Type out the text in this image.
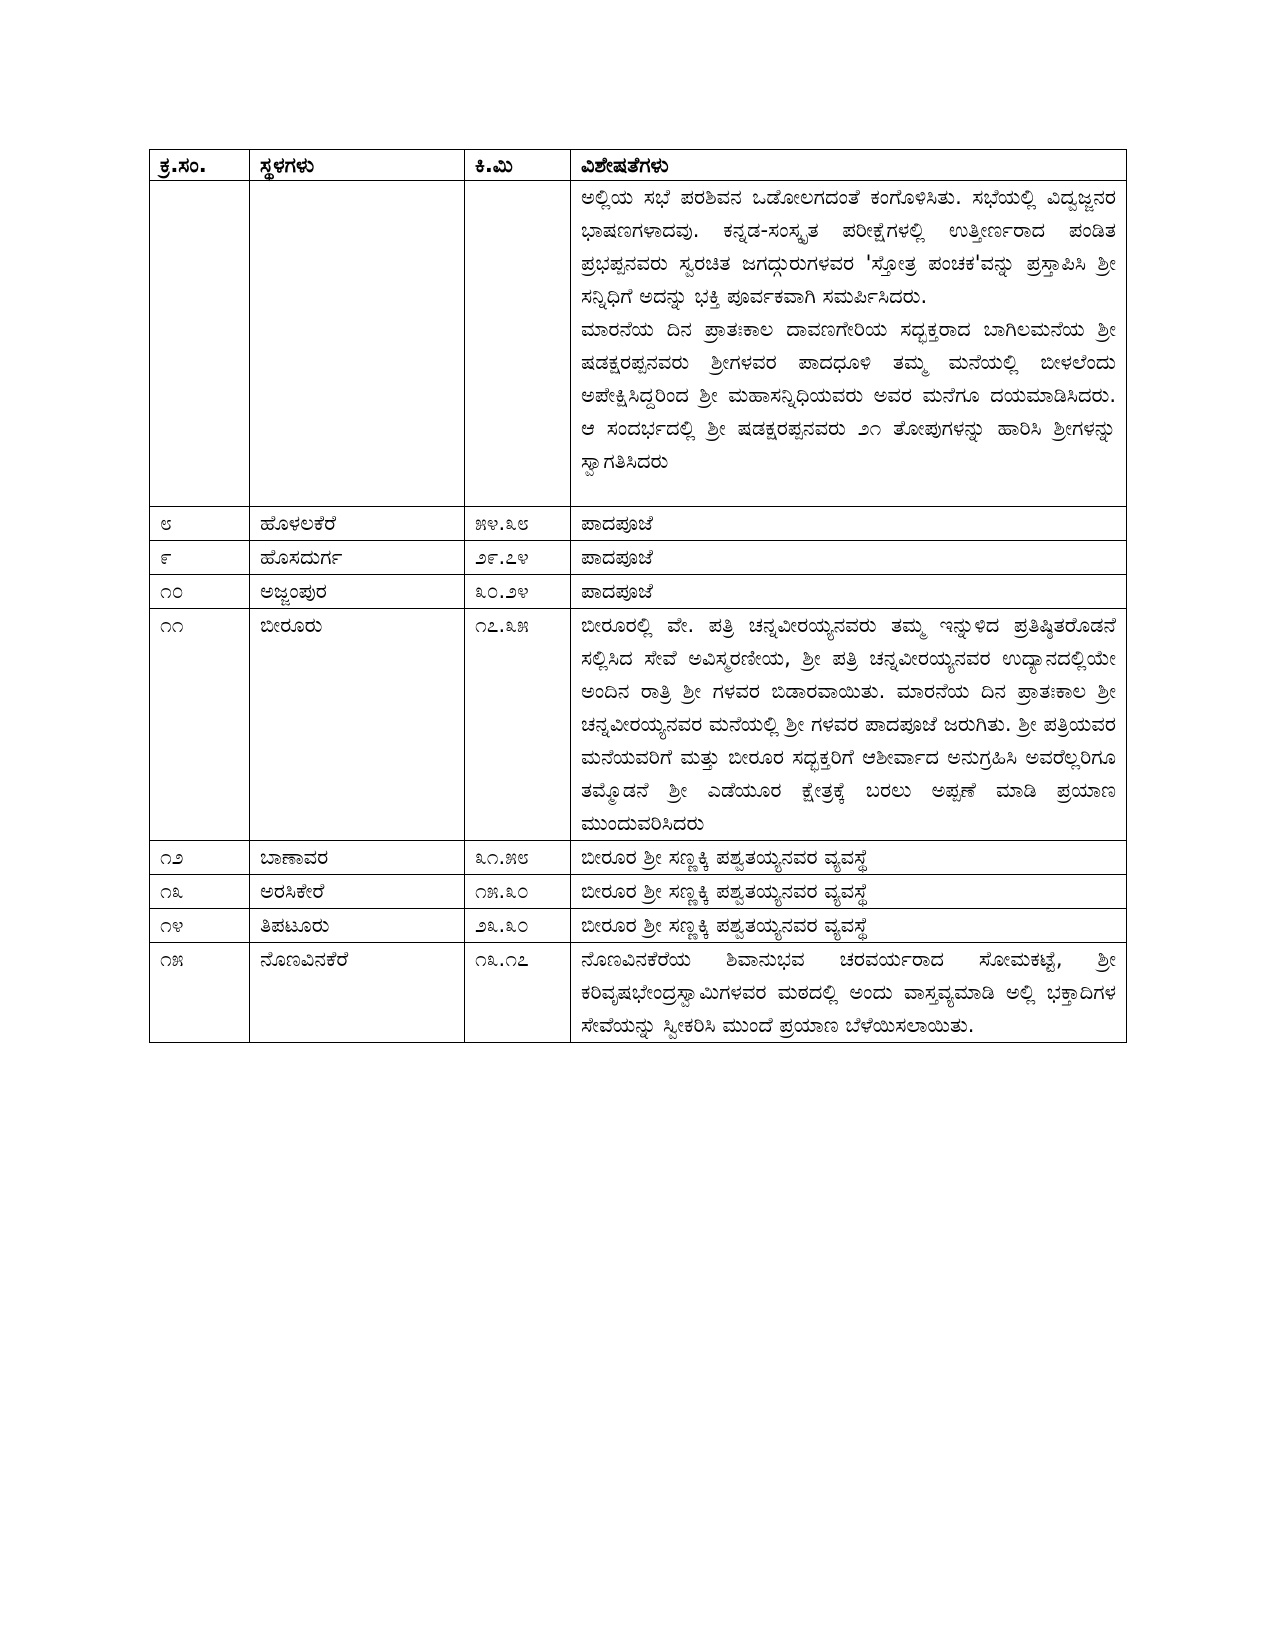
ಕ್ರ.ಸಂ.	ಸ್ಥಳಗಳು	ಕಿ.ಮಿ	ವಿಶೇಷತೆಗಳು

			ಅಲ್ಲಿಯ ಸಭೆ ಪರಶಿವನ ಒಡೋಲಗದಂತೆ ಕಂಗೊಳಿಸಿತು. ಸಭೆಯಲ್ಲಿ ವಿದ್ವಜ್ಜನರ ಭಾಷಣಗಳಾದವು. ಕನ್ನಡ-ಸಂಸ್ಕೃತ ಪರೀಕ್ಷೆಗಳಲ್ಲಿ ಉತ್ತೀರ್ಣರಾದ ಪಂಡಿತ ಪ್ರಭಪ್ಪನವರು ಸ್ವರಚಿತ ಜಗದ್ಗುರುಗಳವರ 'ಸ್ತೋತ್ರ ಪಂಚಕ'ವನ್ನು ಪ್ರಸ್ತಾಪಿಸಿ ಶ್ರೀ ಸನ್ನಿಧಿಗೆ ಅದನ್ನು ಭಕ್ತಿ ಪೂರ್ವಕವಾಗಿ ಸಮರ್ಪಿಸಿದರು.

ಮಾರನೆಯ ದಿನ ಪ್ರಾತಃಕಾಲ ದಾವಣಗೇರಿಯ ಸದ್ಭಕ್ತರಾದ ಬಾಗಿಲಮನೆಯ ಶ್ರೀ ಷಡಕ್ಷರಪ್ಪನವರು ಶ್ರೀಗಳವರ ಪಾದಧೂಳಿ ತಮ್ಮ ಮನೆಯಲ್ಲಿ ಬೀಳಲೆಂದು ಅಪೇಕ್ಷಿಸಿದ್ದರಿಂದ ಶ್ರೀ ಮಹಾಸನ್ನಿಧಿಯವರು ಅವರ ಮನೆಗೂ ದಯಮಾಡಿಸಿದರು. ಆ ಸಂದರ್ಭದಲ್ಲಿ ಶ್ರೀ ಷಡಕ್ಷರಪ್ಪನವರು ೨೧ ತೋಪುಗಳನ್ನು ಹಾರಿಸಿ ಶ್ರೀಗಳನ್ನು ಸ್ವಾಗತಿಸಿದರು

೮	ಹೊಳಲಕೆರೆ	೫೪.೩೮	ಪಾದಪೂಜೆ

೯	ಹೊಸದುರ್ಗ	೨೯.೭೪	ಪಾದಪೂಜೆ

೧೦	ಅಜ್ಜಂಪುರ	೩೦.೨೪	ಪಾದಪೂಜೆ

೧೧	ಬೀರೂರು	೧೭.೩೫	ಬೀರೂರಲ್ಲಿ ವೇ. ಪತ್ರಿ ಚನ್ನವೀರಯ್ಯನವರು ತಮ್ಮ ಇನ್ನುಳಿದ ಪ್ರತಿಷ್ಠಿತರೊಡನೆ ಸಲ್ಲಿಸಿದ ಸೇವೆ ಅವಿಸ್ಮರಣೀಯ, ಶ್ರೀ ಪತ್ರಿ ಚನ್ನವೀರಯ್ಯನವರ ಉದ್ಯಾನದಲ್ಲಿಯೇ ಅಂದಿನ ರಾತ್ರಿ ಶ್ರೀ ಗಳವರ ಬಿಡಾರವಾಯಿತು. ಮಾರನೆಯ ದಿನ ಪ್ರಾತಃಕಾಲ ಶ್ರೀ ಚನ್ನವೀರಯ್ಯನವರ ಮನೆಯಲ್ಲಿ ಶ್ರೀ ಗಳವರ ಪಾದಪೂಜೆ ಜರುಗಿತು. ಶ್ರೀ ಪತ್ರಿಯವರ ಮನೆಯವರಿಗೆ ಮತ್ತು ಬೀರೂರ ಸದ್ಭಕ್ತರಿಗೆ ಆಶೀರ್ವಾದ ಅನುಗ್ರಹಿಸಿ ಅವರೆಲ್ಲರಿಗೂ ತಮ್ಮೊಡನೆ ಶ್ರೀ ಎಡೆಯೂರ ಕ್ಷೇತ್ರಕ್ಕೆ ಬರಲು ಅಪ್ಪಣೆ ಮಾಡಿ ಪ್ರಯಾಣ ಮುಂದುವರಿಸಿದರು

೧೨	ಬಾಣಾವರ	೩೧.೫೮	ಬೀರೂರ ಶ್ರೀ ಸಣ್ಣಕ್ಕಿ ಪಶ್ವತಯ್ಯನವರ ವ್ಯವಸ್ಥೆ

೧೩	ಅರಸಿಕೇರೆ	೧೫.೩೦	ಬೀರೂರ ಶ್ರೀ ಸಣ್ಣಕ್ಕಿ ಪಶ್ವತಯ್ಯನವರ ವ್ಯವಸ್ಥೆ

೧೪	ತಿಪಟೂರು	೨೩.೩೦	ಬೀರೂರ ಶ್ರೀ ಸಣ್ಣಕ್ಕಿ ಪಶ್ವತಯ್ಯನವರ ವ್ಯವಸ್ಥೆ

೧೫	ನೊಣವಿನಕೆರೆ	೧೩.೧೭	ನೊಣವಿನಕೆರೆಯ ಶಿವಾನುಭವ ಚರವರ್ಯರಾದ ಸೋಮಕಟ್ಟೆ, ಶ್ರೀ ಕರಿವೃಷಭೇಂದ್ರಸ್ವಾಮಿಗಳವರ ಮಠದಲ್ಲಿ ಅಂದು ವಾಸ್ತವ್ಯಮಾಡಿ ಅಲ್ಲಿ ಭಕ್ತಾದಿಗಳ ಸೇವೆಯನ್ನು ಸ್ವೀಕರಿಸಿ ಮುಂದೆ ಪ್ರಯಾಣ ಬೆಳೆಯಿಸಲಾಯಿತು.
